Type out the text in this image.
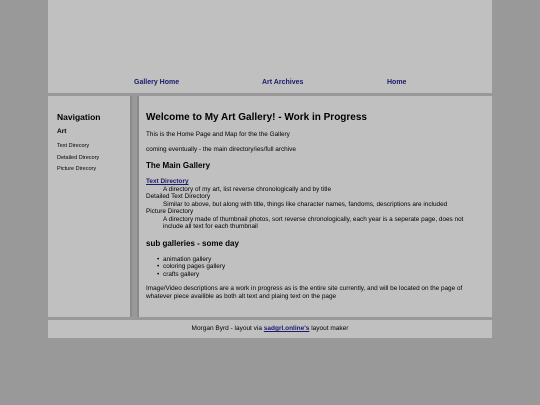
Gallery Home	Art Archives	Home
Navigation
Art
Text Direcory
Detailed Direcory
Picture Direcory
Welcome to My Art Gallery! - Work in Progress
This is the Home Page and Map for the the Gallery
coming eventually - the main directory/ies/full archive
The Main Gallery
Text Directory
A directory of my art, list reverse chronologically and by title
Detailed Text Directory
Similar to above, but along with title, things like character names, fandoms, descriptions are included
Picture Directory
A directory made of thumbnail photos, sort reverse chronologically, each year is a seperate page, does not
include all text for each thumbnail
sub galleries - some day
• animation gallery
• coloring pages gallery
• crafts gallery
Image/Video descriptions are a work in progress as is the entire site currently, and will be located on the page of
whatever piece availible as both alt text and plaing text on the page
Morgan Byrd - layout via sadgrl.online's layout maker
